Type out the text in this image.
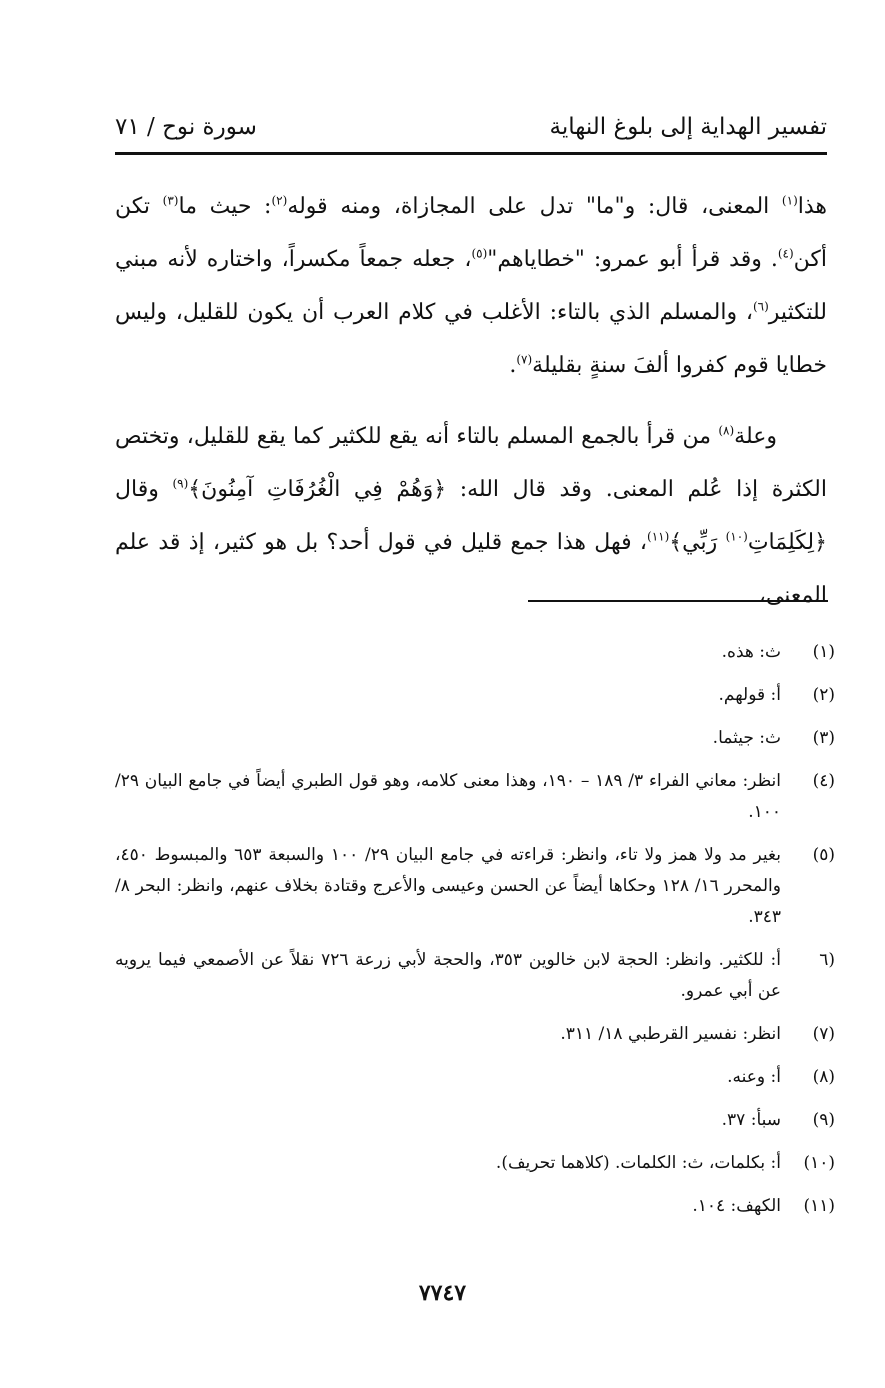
تفسير الهداية إلى بلوغ النهاية
سورة نوح / ٧١

هذا$^{(١)}$ المعنى، قال: و"ما" تدل على المجازاة، ومنه قوله$^{(٢)}$: حيث ما$^{(٣)}$ تكن أكن$^{(٤)}$. وقد قرأ أبو عمرو: "خطاياهم"$^{(٥)}$، جعله جمعاً مكسراً، واختاره لأنه مبني للتكثير$^{(٦)}$، والمسلم الذي بالتاء: الأغلب في كلام العرب أن يكون للقليل، وليس خطايا قوم كفروا ألفَ سنةٍ بقليلة$^{(٧)}$.

وعلة$^{(٨)}$ من قرأ بالجمع المسلم بالتاء أنه يقع للكثير كما يقع للقليل، وتختص الكثرة إذا عُلم المعنى. وقد قال الله: ﴿وَهُمْ فِي الْغُرُفَاتِ آمِنُونَ﴾$^{(٩)}$ وقال ﴿لِكَلِمَاتِ$^{(١٠)}$ رَبِّي﴾$^{(١١)}$، فهل هذا جمع قليل في قول أحد؟ بل هو كثير، إذ قد علم المعنى،

(١)
ث: هذه.
(٢)
أ: قولهم.
(٣)
ث: جيثما.
(٤)
انظر: معاني الفراء ٣/ ١٨٩ – ١٩٠، وهذا معنى كلامه، وهو قول الطبري أيضاً في جامع البيان ٢٩/ ١٠٠.
(٥)
بغير مد ولا همز ولا تاء، وانظر: قراءته في جامع البيان ٢٩/ ١٠٠ والسبعة ٦٥٣ والمبسوط ٤٥٠، والمحرر ١٦/ ١٢٨ وحكاها أيضاً عن الحسن وعيسى والأعرج وقتادة بخلاف عنهم، وانظر: البحر ٨/ ٣٤٣.
(٦
أ: للكثير. وانظر: الحجة لابن خالوين ٣٥٣، والحجة لأبي زرعة ٧٢٦ نقلاً عن الأصمعي فيما يرويه عن أبي عمرو.
(٧)
انظر: نفسير القرطبي ١٨/ ٣١١.
(٨)
أ: وعنه.
(٩)
سبأ: ٣٧.
(١٠)
أ: بكلمات، ث: الكلمات. (كلاهما تحريف).
(١١)
الكهف: ١٠٤.
٧٧٤٧
